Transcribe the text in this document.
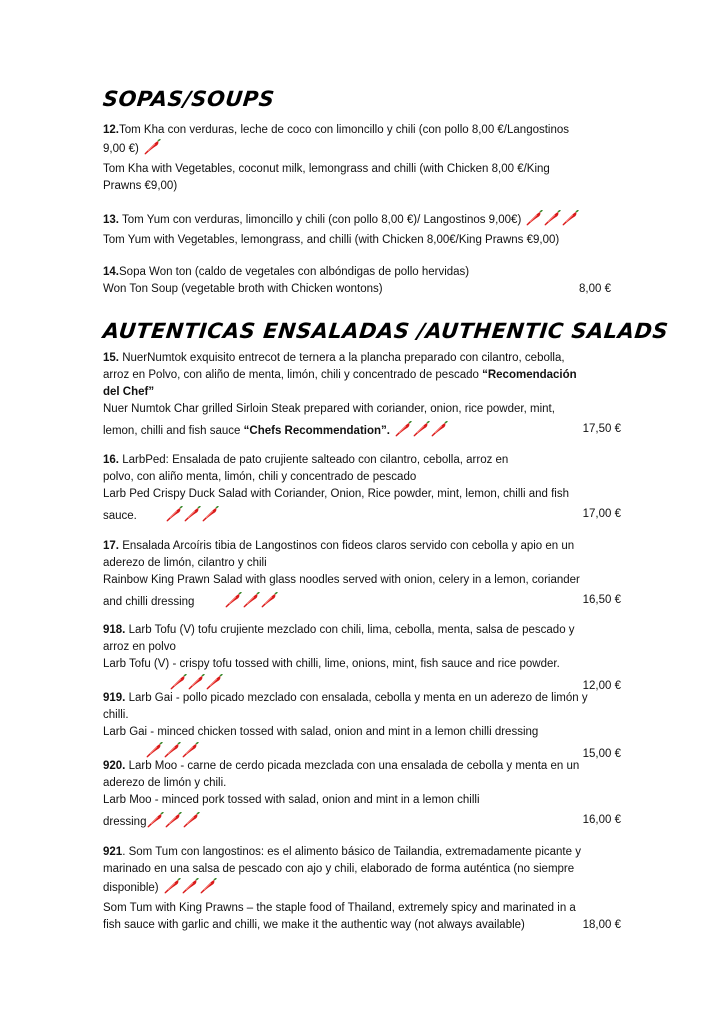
SOPAS/SOUPS
12.Tom Kha con verduras, leche de coco con limoncillo y chili (con pollo 8,00 €/Langostinos
9,00 €)
Tom Kha with Vegetables, coconut milk, lemongrass and chilli (with Chicken 8,00 €/King
Prawns €9,00)
13. Tom Yum con verduras, limoncillo y chili (con pollo 8,00 €)/ Langostinos 9,00€)
Tom Yum with Vegetables, lemongrass, and chilli (with Chicken 8,00€/King Prawns €9,00)
14.Sopa Won ton (caldo de vegetales con albóndigas de pollo hervidas)
Won Ton Soup (vegetable broth with Chicken wontons)	8,00 €
AUTENTICAS ENSALADAS /AUTHENTIC SALADS
15. NuerNumtok exquisito entrecot de ternera a la plancha preparado con cilantro, cebolla,
arroz en Polvo, con aliño de menta, limón, chili y concentrado de pescado “Recomendación
del Chef”
Nuer Numtok Char grilled Sirloin Steak prepared with coriander, onion, rice powder, mint,
lemon, chilli and fish sauce “Chefs Recommendation”.	17,50 €
16. LarbPed: Ensalada de pato crujiente salteado con cilantro, cebolla, arroz en
polvo, con aliño menta, limón, chili y concentrado de pescado
Larb Ped Crispy Duck Salad with Coriander, Onion, Rice powder, mint, lemon, chilli and fish
sauce.	17,00 €
17. Ensalada Arcoíris tibia de Langostinos con fideos claros servido con cebolla y apio en un
aderezo de limón, cilantro y chili
Rainbow King Prawn Salad with glass noodles served with onion, celery in a lemon, coriander
and chilli dressing	16,50 €
918. Larb Tofu (V) tofu crujiente mezclado con chili, lima, cebolla, menta, salsa de pescado y
arroz en polvo
Larb Tofu (V) - crispy tofu tossed with chilli, lime, onions, mint, fish sauce and rice powder.
12,00 €
919. Larb Gai - pollo picado mezclado con ensalada, cebolla y menta en un aderezo de limón y
chilli.
Larb Gai - minced chicken tossed with salad, onion and mint in a lemon chilli dressing
15,00 €
920. Larb Moo - carne de cerdo picada mezclada con una ensalada de cebolla y menta en un
aderezo de limón y chili.
Larb Moo - minced pork tossed with salad, onion and mint in a lemon chilli
dressing	16,00 €
921. Som Tum con langostinos: es el alimento básico de Tailandia, extremadamente picante y
marinado en una salsa de pescado con ajo y chili, elaborado de forma auténtica (no siempre
disponible)
Som Tum with King Prawns – the staple food of Thailand, extremely spicy and marinated in a
fish sauce with garlic and chilli, we make it the authentic way (not always available)	18,00 €
